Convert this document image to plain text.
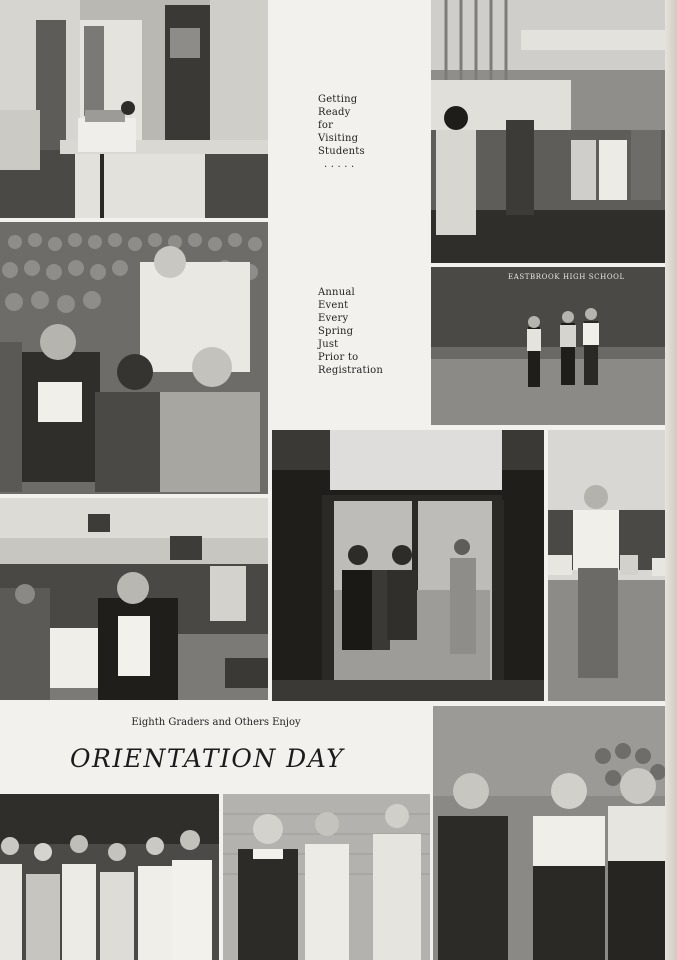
Getting
Ready
for
Visiting
Students
. . . . .
Annual
Event
Every
Spring
Just
Prior to
Registration
EASTBROOK HIGH SCHOOL
Eighth Graders and Others Enjoy
ORIENTATION DAY
